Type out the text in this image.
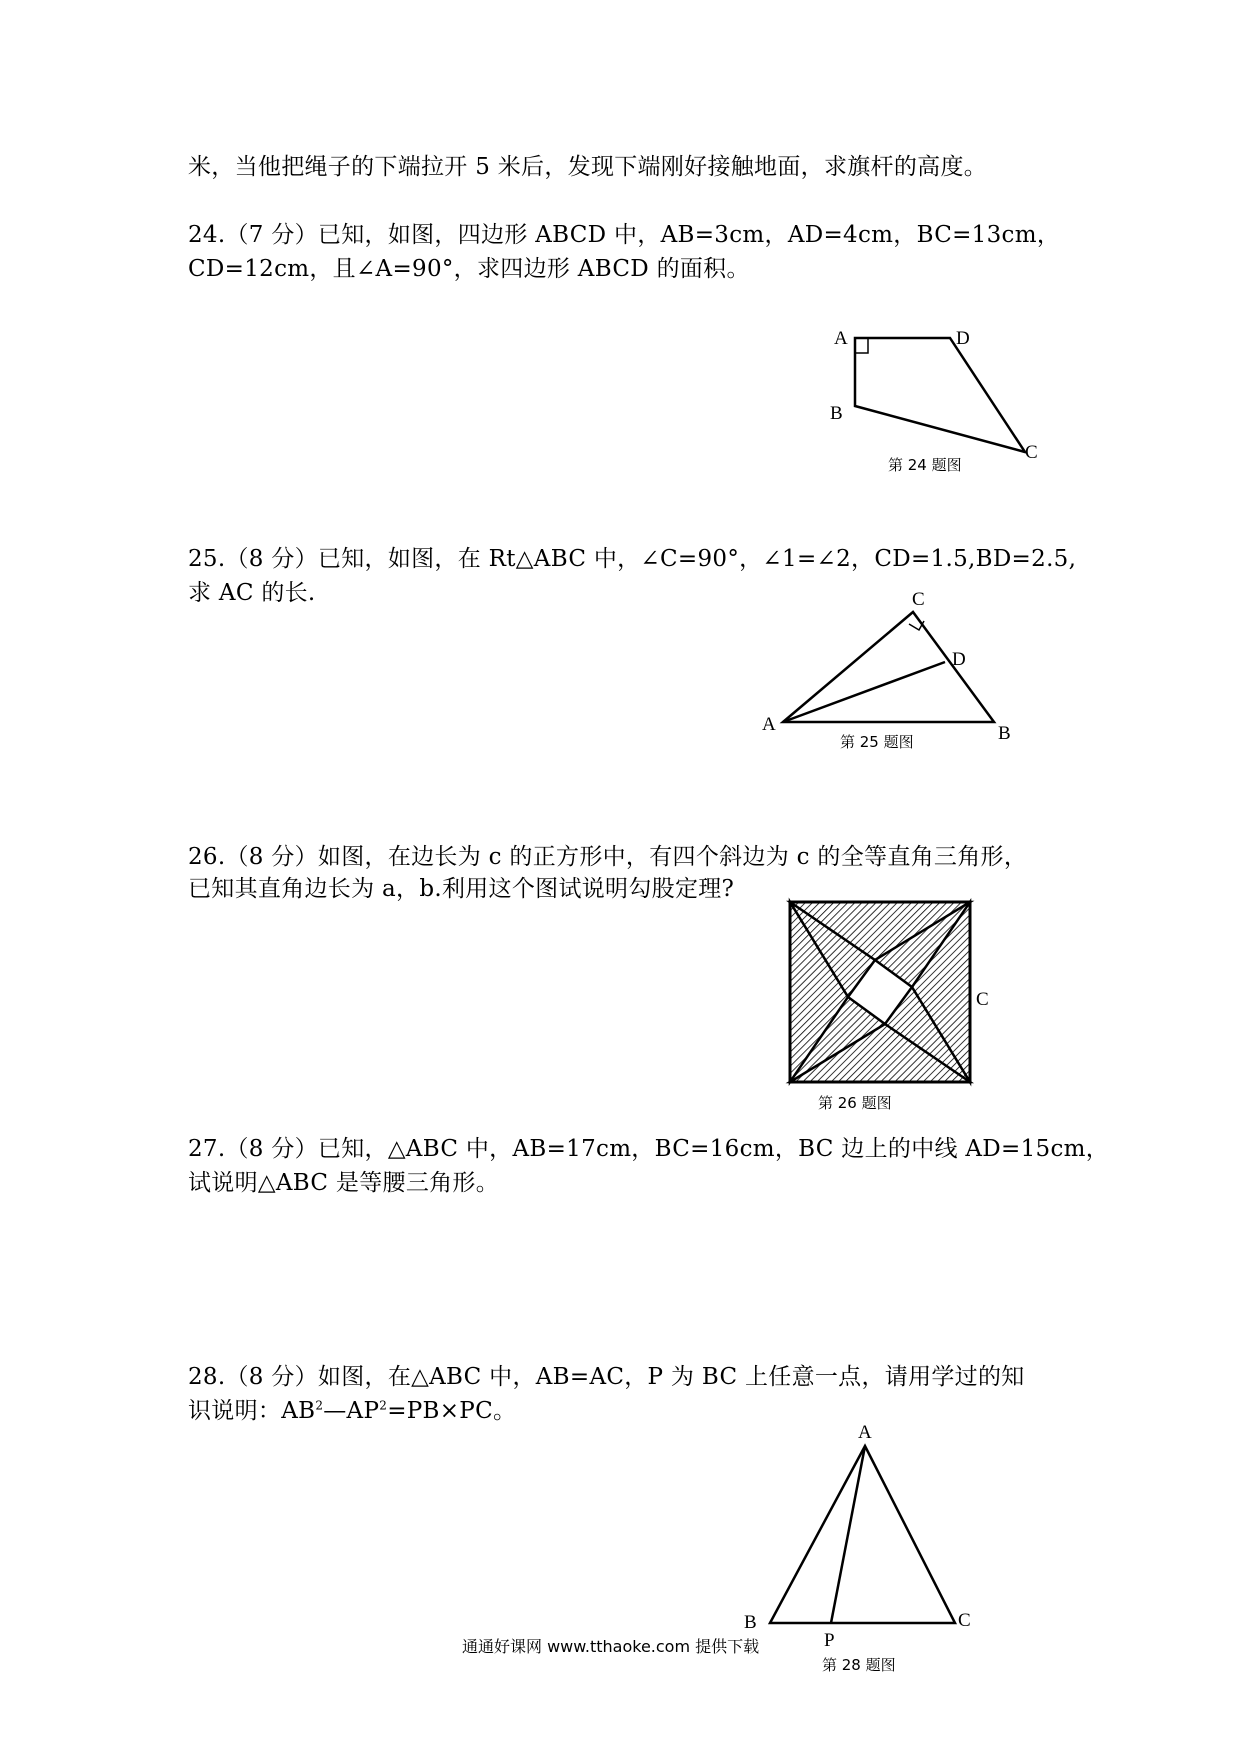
米，当他把绳子的下端拉开 5 米后，发现下端刚好接触地面，求旗杆的高度。
24.（7 分）已知，如图，四边形 ABCD 中，AB=3cm，AD=4cm，BC=13cm，
CD=12cm，且∠A=90°，求四边形 ABCD 的面积。
A	D
B
C
第 24 题图
25.（8 分）已知，如图，在 Rt△ABC 中，∠C=90°，∠1=∠2，CD=1.5,BD=2.5,
求 AC 的长.	C
D
A	B
第 25 题图
26.（8 分）如图，在边长为 c 的正方形中，有四个斜边为 c 的全等直角三角形，
已知其直角边长为 a，b.利用这个图试说明勾股定理?
C
第 26 题图
27.（8 分）已知，△ABC 中，AB=17cm，BC=16cm，BC 边上的中线 AD=15cm，
试说明△ABC 是等腰三角形。
28.（8 分）如图，在△ABC 中，AB=AC，P 为 BC 上任意一点，请用学过的知
识说明：$AB^2—AP^2=PB\times PC$。
A
B	C
P
第 28 题图
通通好课网 www.tthaoke.com 提供下载
